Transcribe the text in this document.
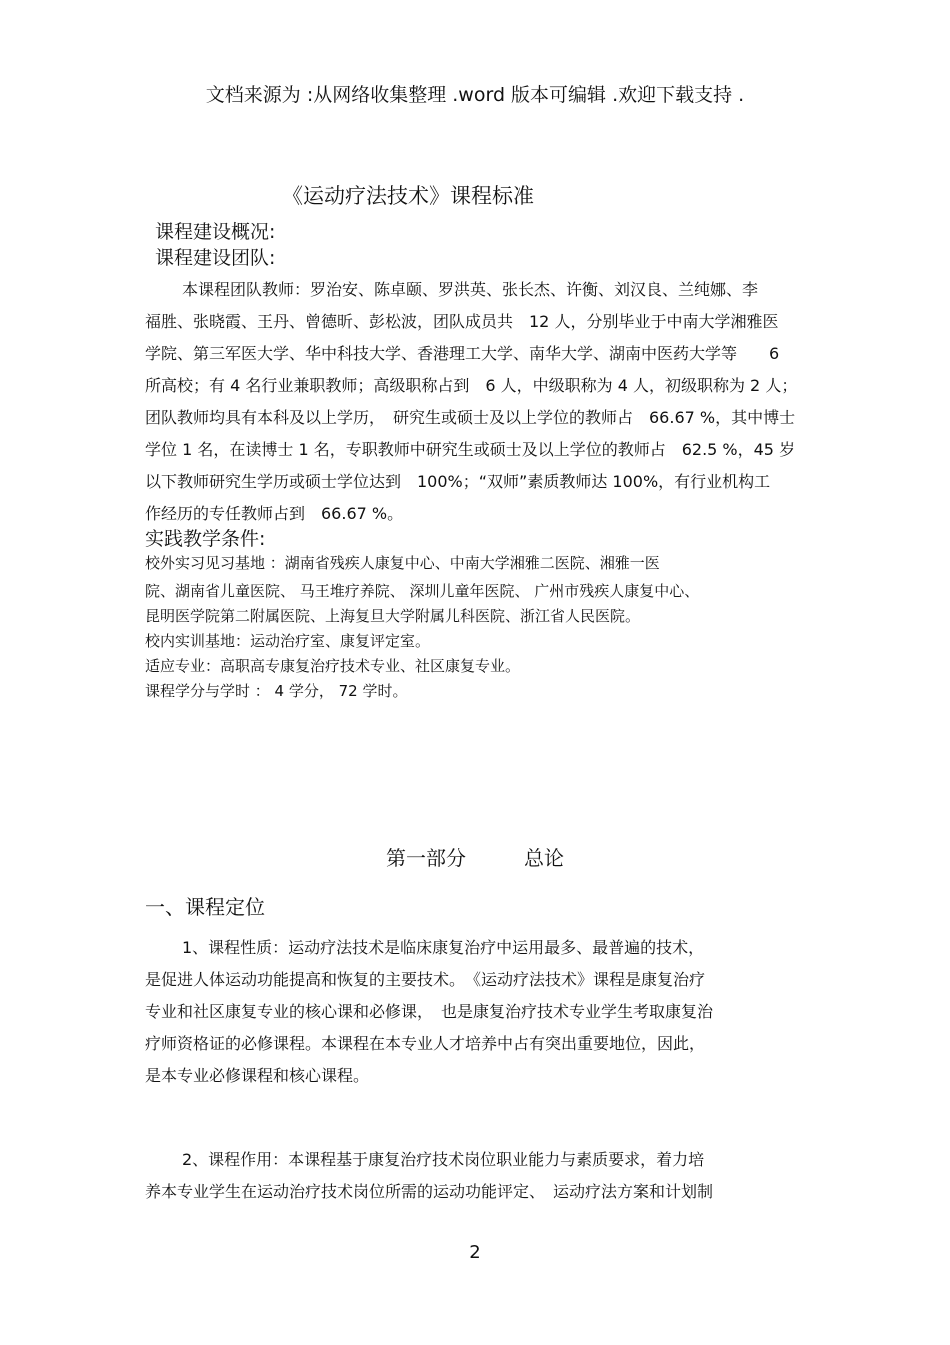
文档来源为 :从网络收集整理 .word 版本可编辑 .欢迎下载支持 .
《运动疗法技术》课程标准
课程建设概况:
课程建设团队:
本课程团队教师：罗治安、陈卓颐、罗洪英、张长杰、许衡、刘汉良、兰纯娜、李
福胜、张晓霞、王丹、曾德昕、彭松波，团队成员共　12 人，分别毕业于中南大学湘雅医
学院、第三军医大学、华中科技大学、香港理工大学、南华大学、湖南中医药大学等　　6
所高校；有 4 名行业兼职教师；高级职称占到　6 人，中级职称为 4 人，初级职称为 2 人；
团队教师均具有本科及以上学历，　研究生或硕士及以上学位的教师占　66.67 %，其中博士
学位 1 名，在读博士 1 名，专职教师中研究生或硕士及以上学位的教师占　62.5 %，45 岁
以下教师研究生学历或硕士学位达到　100%；“双师”素质教师达 100%，有行业机构工
作经历的专任教师占到　66.67 %。
实践教学条件:
校外实习见习基地 ：湖南省残疾人康复中心、中南大学湘雅二医院、湘雅一医
院、湖南省儿童医院、 马王堆疗养院、 深圳儿童年医院、 广州市残疾人康复中心、
昆明医学院第二附属医院、上海复旦大学附属儿科医院、浙江省人民医院。
校内实训基地：运动治疗室、康复评定室。
适应专业：高职高专康复治疗技术专业、社区康复专业。
课程学分与学时 ： 4 学分， 72 学时。
第一部分	总论
一、课程定位
1、课程性质：运动疗法技术是临床康复治疗中运用最多、最普遍的技术，
是促进人体运动功能提高和恢复的主要技术。　《运动疗法技术》课程是康复治疗
专业和社区康复专业的核心课和必修课，　也是康复治疗技术专业学生考取康复治
疗师资格证的必修课程。本课程在本专业人才培养中占有突出重要地位，因此，
是本专业必修课程和核心课程。
2、课程作用：本课程基于康复治疗技术岗位职业能力与素质要求，着力培
养本专业学生在运动治疗技术岗位所需的运动功能评定、　运动疗法方案和计划制
2
